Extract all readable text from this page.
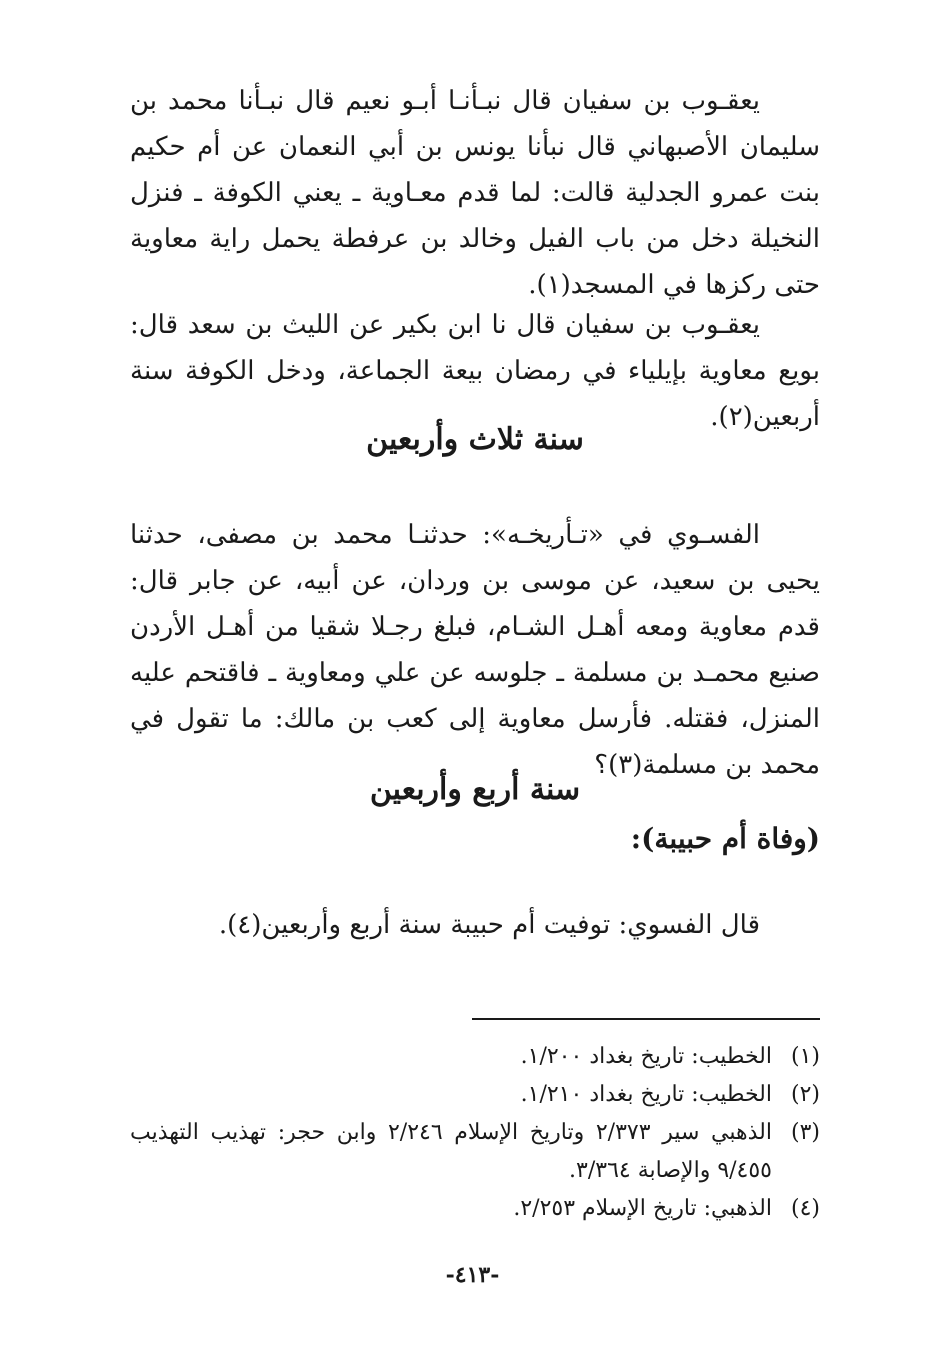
يعقـوب بن سفيان قال نبـأنـا أبـو نعيم قال نبـأنا محمد بن سليمان الأصبهاني قال نبأنا يونس بن أبي النعمان عن أم حكيم بنت عمرو الجدلية قالت: لما قدم معـاوية ـ يعني الكوفة ـ فنزل النخيلة دخل من باب الفيل وخالد بن عرفطة يحمل راية معاوية حتى ركزها في المسجد(١).

يعقـوب بن سفيان قال نا ابن بكير عن الليث بن سعد قال: بويع معاوية بإيلياء في رمضان بيعة الجماعة، ودخل الكوفة سنة أربعين(٢).

سنة ثلاث وأربعين

الفسـوي في «تـأريخـه»: حدثنـا محمد بن مصفى، حدثنا يحيى بن سعيد، عن موسى بن وردان، عن أبيه، عن جابر قال: قدم معاوية ومعه أهـل الشـام، فبلغ رجـلا شقيا من أهـل الأردن صنيع محمـد بن مسلمة ـ جلوسه عن علي ومعاوية ـ فاقتحم عليه المنزل، فقتله. فأرسل معاوية إلى كعب بن مالك: ما تقول في محمد بن مسلمة(٣)؟

سنة أربع وأربعين
(وفاة أم حبيبة):

قال الفسوي: توفيت أم حبيبة سنة أربع وأربعين(٤).

(١)
الخطيب: تاريخ بغداد ١/٢٠٠.
(٢)
الخطيب: تاريخ بغداد ١/٢١٠.
(٣)
الذهبي سير ٢/٣٧٣ وتاريخ الإسلام ٢/٢٤٦ وابن حجر: تهذيب التهذيب ٩/٤٥٥ والإصابة ٣/٣٦٤.
(٤)
الذهبي: تاريخ الإسلام ٢/٢٥٣.
-٤١٣-
